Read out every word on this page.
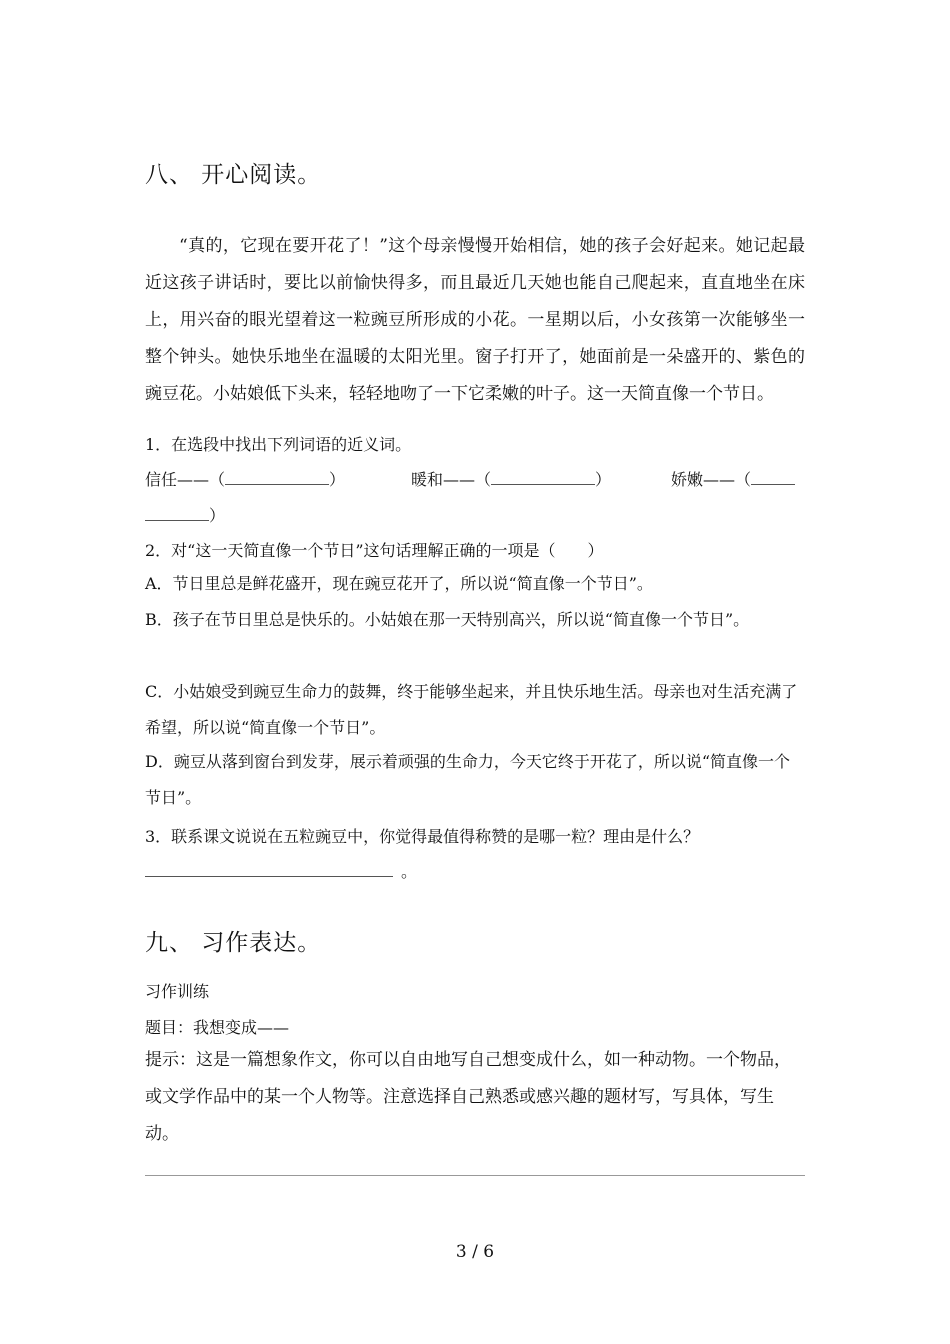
八、 开心阅读。

“真的，它现在要开花了！”这个母亲慢慢开始相信，她的孩子会好起来。她记起最近这孩子讲话时，要比以前愉快得多，而且最近几天她也能自己爬起来，直直地坐在床上，用兴奋的眼光望着这一粒豌豆所形成的小花。一星期以后，小女孩第一次能够坐一整个钟头。她快乐地坐在温暖的太阳光里。窗子打开了，她面前是一朵盛开的、紫色的豌豆花。小姑娘低下头来，轻轻地吻了一下它柔嫩的叶子。这一天简直像一个节日。

1．在选段中找出下列词语的近义词。
信任——（	）	暖和——（	）	娇嫩——（
）
2．对“这一天简直像一个节日”这句话理解正确的一项是（　　）

A．节日里总是鲜花盛开，现在豌豆花开了，所以说“简直像一个节日”。

B．孩子在节日里总是快乐的。小姑娘在那一天特别高兴，所以说“简直像一个节日”。

C．小姑娘受到豌豆生命力的鼓舞，终于能够坐起来，并且快乐地生活。母亲也对生活充满了希望，所以说“简直像一个节日”。

D．豌豆从落到窗台到发芽，展示着顽强的生命力，今天它终于开花了，所以说“简直像一个节日”。

3．联系课文说说在五粒豌豆中，你觉得最值得称赞的是哪一粒？理由是什么？
。
九、 习作表达。
习作训练
题目：我想变成——

提示：这是一篇想象作文，你可以自由地写自己想变成什么，如一种动物。一个物品，或文学作品中的某一个人物等。注意选择自己熟悉或感兴趣的题材写，写具体，写生动。

3 / 6
